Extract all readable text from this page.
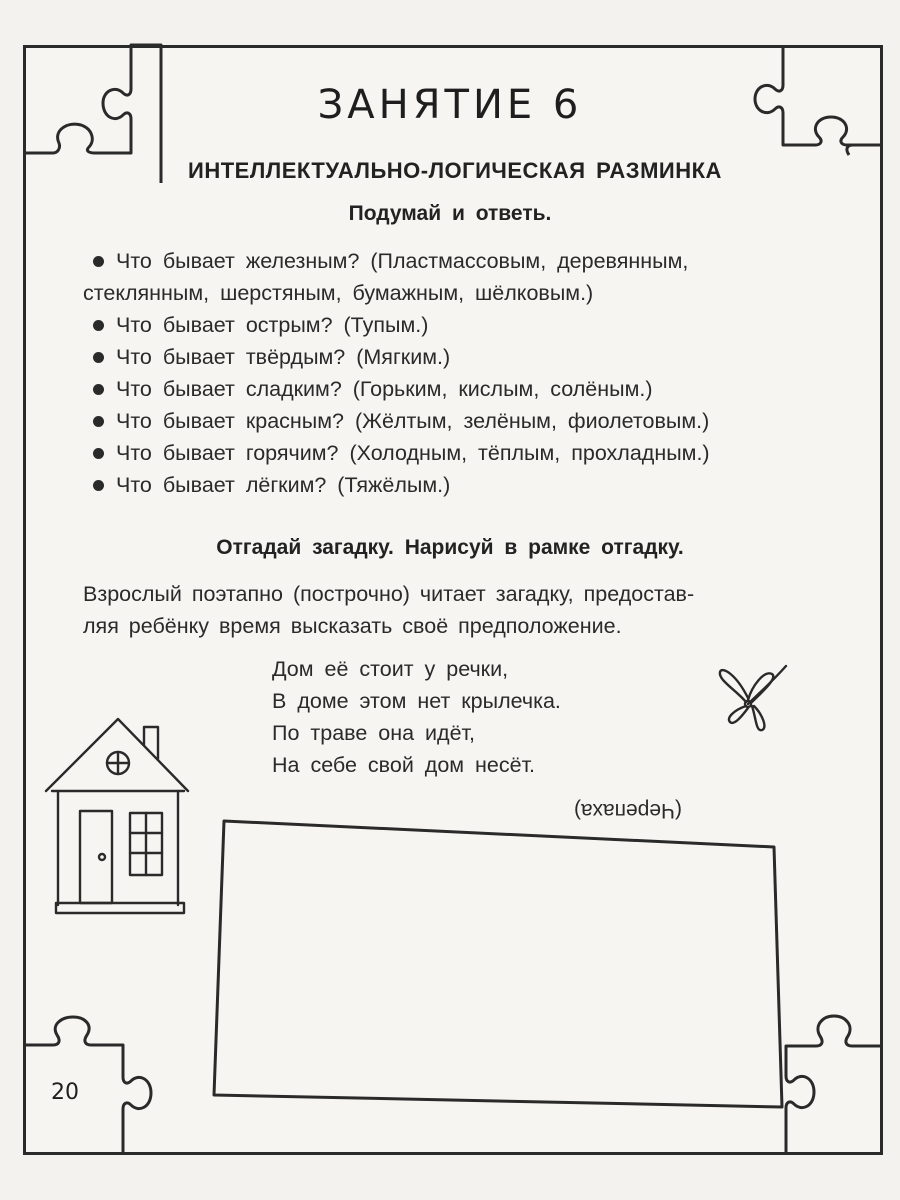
ЗАНЯТИЕ 6
ИНТЕЛЛЕКТУАЛЬНО-ЛОГИЧЕСКАЯ РАЗМИНКА
Подумай и ответь.
Что бывает железным? (Пластмассовым, деревянным,
стеклянным, шерстяным, бумажным, шёлковым.)
Что бывает острым? (Тупым.)
Что бывает твёрдым? (Мягким.)
Что бывает сладким? (Горьким, кислым, солёным.)
Что бывает красным? (Жёлтым, зелёным, фиолетовым.)
Что бывает горячим? (Холодным, тёплым, прохладным.)
Что бывает лёгким? (Тяжёлым.)
Отгадай загадку. Нарисуй в рамке отгадку.
Взрослый поэтапно (построчно) читает загадку, предостав-
ляя ребёнку время высказать своё предположение.
Дом её стоит у речки,
В доме этом нет крылечка.
По траве она идёт,
На себе свой дом несёт.
(Черепаха)
20
